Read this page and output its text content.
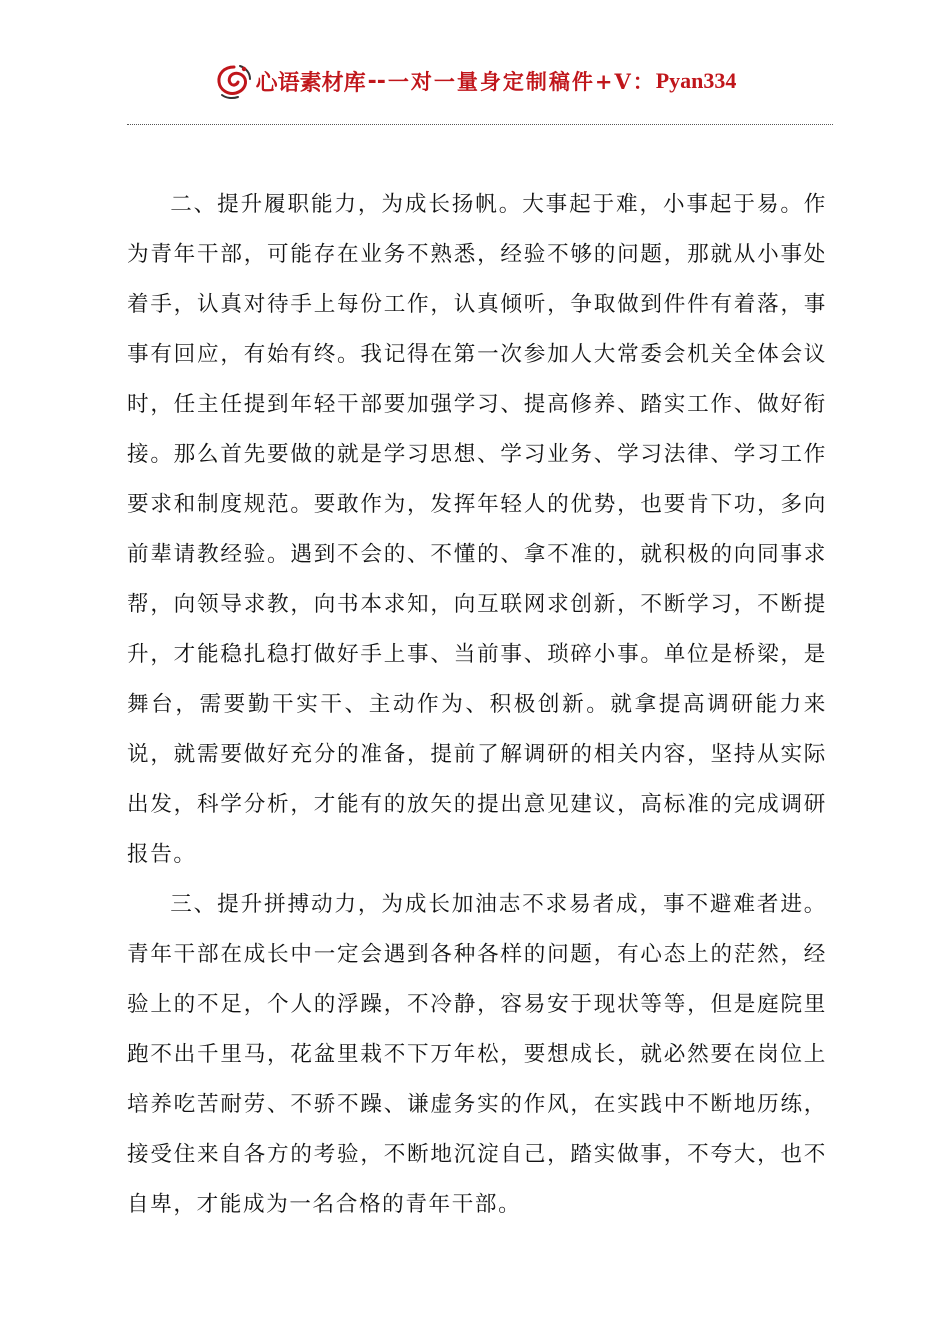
心语素材库 -- 一对一量身定制稿件 +V： Pyan334

二、提升履职能力，为成长扬帆。大事起于难，小事起于易。作为青年干部，可能存在业务不熟悉，经验不够的问题，那就从小事处着手，认真对待手上每份工作，认真倾听，争取做到件件有着落，事事有回应，有始有终。我记得在第一次参加人大常委会机关全体会议时，任主任提到年轻干部要加强学习、提高修养、踏实工作、做好衔接。那么首先要做的就是学习思想、学习业务、学习法律、学习工作要求和制度规范。要敢作为，发挥年轻人的优势，也要肯下功，多向前辈请教经验。遇到不会的、不懂的、拿不准的，就积极的向同事求帮，向领导求教，向书本求知，向互联网求创新，不断学习，不断提升，才能稳扎稳打做好手上事、当前事、琐碎小事。单位是桥梁，是舞台，需要勤干实干、主动作为、积极创新。就拿提高调研能力来说，就需要做好充分的准备，提前了解调研的相关内容，坚持从实际出发，科学分析，才能有的放矢的提出意见建议，高标准的完成调研报告。

三、提升拼搏动力，为成长加油志不求易者成，事不避难者进。青年干部在成长中一定会遇到各种各样的问题，有心态上的茫然，经验上的不足，个人的浮躁，不冷静，容易安于现状等等，但是庭院里跑不出千里马，花盆里栽不下万年松，要想成长，就必然要在岗位上培养吃苦耐劳、不骄不躁、谦虚务实的作风，在实践中不断地历练，接受住来自各方的考验，不断地沉淀自己，踏实做事，不夸大，也不自卑，才能成为一名合格的青年干部。
